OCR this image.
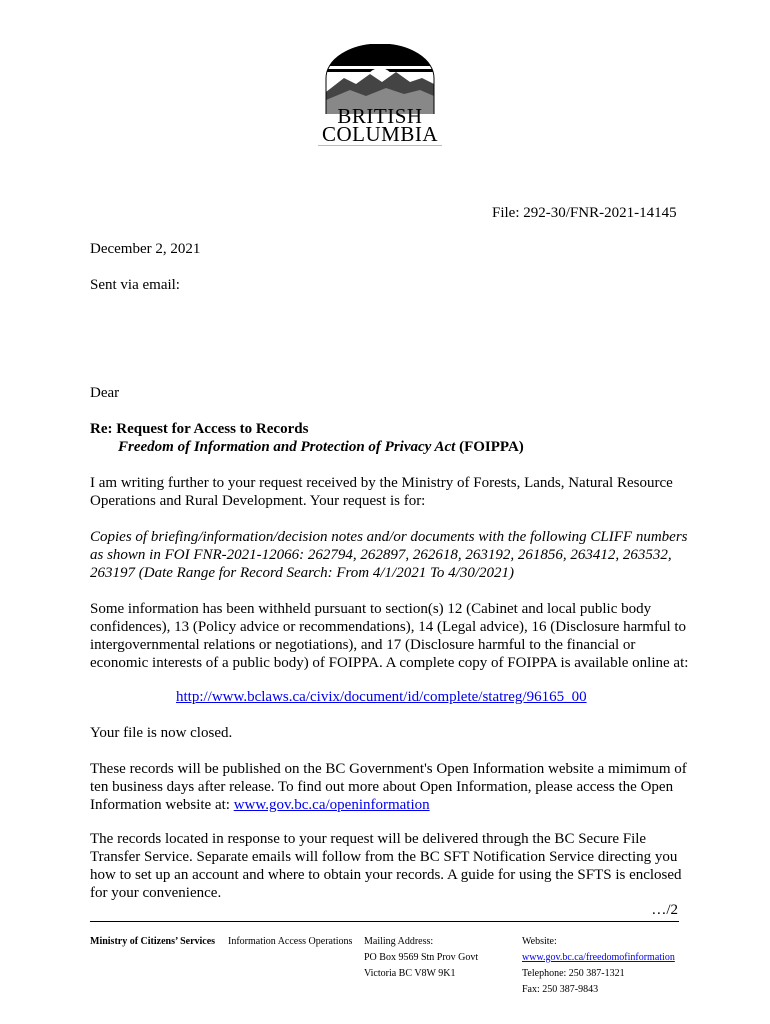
BRITISH
COLUMBIA
File: 292-30/FNR-2021-14145
December 2, 2021
Sent via email:
Dear
Re: Request for Access to Records
Freedom of Information and Protection of Privacy Act (FOIPPA)
I am writing further to your request received by the Ministry of Forests, Lands, Natural Resource Operations and Rural Development. Your request is for:
Copies of briefing/information/decision notes and/or documents with the following CLIFF numbers as shown in FOI FNR-2021-12066: 262794, 262897, 262618, 263192, 261856, 263412, 263532, 263197 (Date Range for Record Search: From 4/1/2021 To 4/30/2021)
Some information has been withheld pursuant to section(s) 12 (Cabinet and local public body confidences), 13 (Policy advice or recommendations), 14 (Legal advice), 16 (Disclosure harmful to intergovernmental relations or negotiations), and 17 (Disclosure harmful to the financial or economic interests of a public body) of FOIPPA. A complete copy of FOIPPA is available online at:
http://www.bclaws.ca/civix/document/id/complete/statreg/96165_00
Your file is now closed.
These records will be published on the BC Government's Open Information website a mimimum of ten business days after release. To find out more about Open Information, please access the Open Information website at: www.gov.bc.ca/openinformation
The records located in response to your request will be delivered through the BC Secure File Transfer Service. Separate emails will follow from the BC SFT Notification Service directing you how to set up an account and where to obtain your records. A guide for using the SFTS is enclosed for your convenience.
…/2
Ministry of Citizens’ Services Information Access Operations Mailing Address:
PO Box 9569 Stn Prov Govt
Victoria BC V8W 9K1
Website:
www.gov.bc.ca/freedomofinformation
Telephone: 250 387-1321
Fax: 250 387-9843
